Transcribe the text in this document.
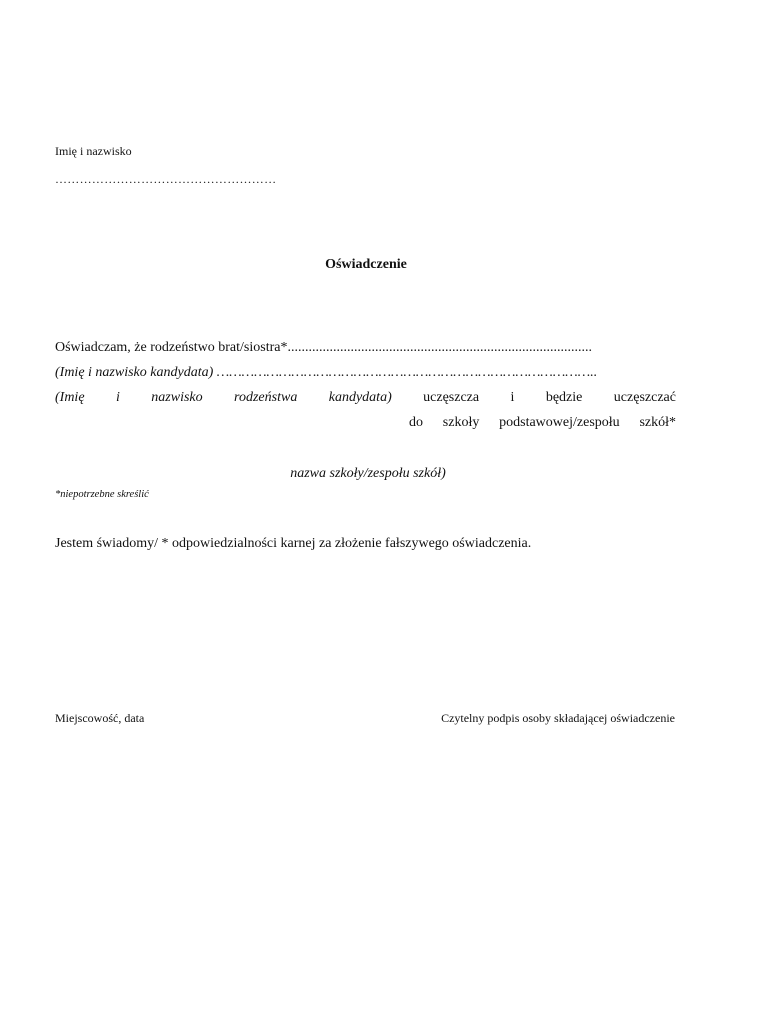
Imię i nazwisko
………………………………………………
Oświadczenie
Oświadczam, że rodzeństwo brat/siostra*.......................................................................................
(Imię i nazwisko kandydata) ………………………………………………………………………………..
(Imię i nazwisko rodzeństwa kandydata) uczęszcza i będzie uczęszczać
do szkoły podstawowej/zespołu szkół*
nazwa szkoły/zespołu szkół)
*niepotrzebne skreślić
Jestem świadomy/ * odpowiedzialności karnej za złożenie fałszywego oświadczenia.
Miejscowość, data	Czytelny podpis osoby składającej oświadczenie
